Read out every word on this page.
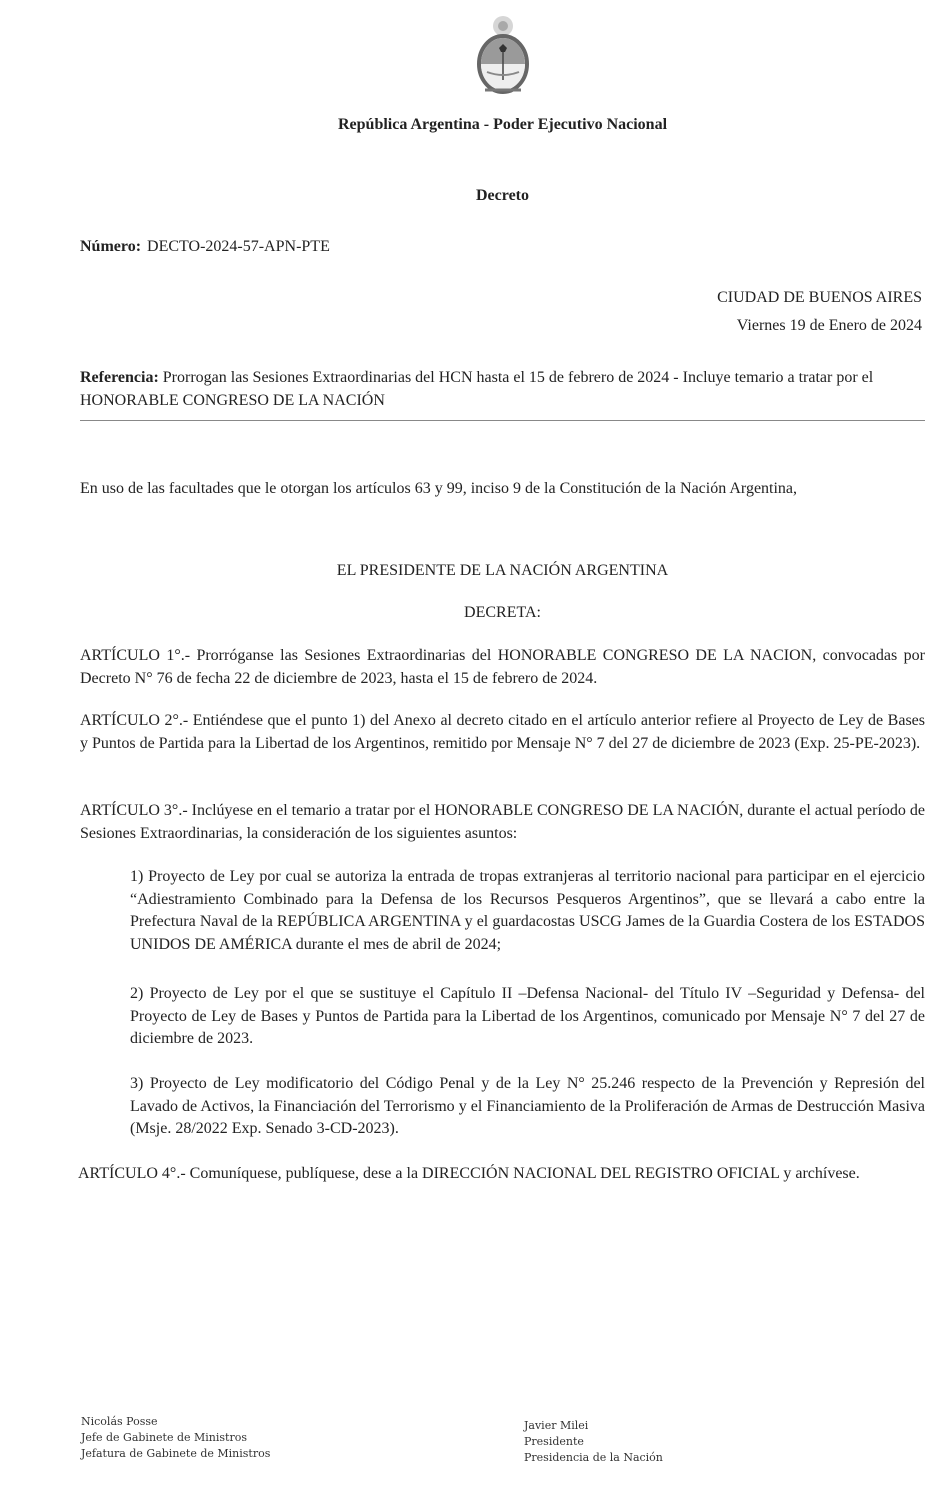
República Argentina - Poder Ejecutivo Nacional
Decreto
Número: DECTO-2024-57-APN-PTE
CIUDAD DE BUENOS AIRES
Viernes 19 de Enero de 2024
Referencia: Prorrogan las Sesiones Extraordinarias del HCN hasta el 15 de febrero de 2024 - Incluye temario a tratar por el HONORABLE CONGRESO DE LA NACIÓN
En uso de las facultades que le otorgan los artículos 63 y 99, inciso 9 de la Constitución de la Nación Argentina,
EL PRESIDENTE DE LA NACIÓN ARGENTINA
DECRETA:
ARTÍCULO 1°.- Prorróganse las Sesiones Extraordinarias del HONORABLE CONGRESO DE LA NACION, convocadas por Decreto N° 76 de fecha 22 de diciembre de 2023, hasta el 15 de febrero de 2024.
ARTÍCULO 2°.- Entiéndese que el punto 1) del Anexo al decreto citado en el artículo anterior refiere al Proyecto de Ley de Bases y Puntos de Partida para la Libertad de los Argentinos, remitido por Mensaje N° 7 del 27 de diciembre de 2023 (Exp. 25-PE-2023).
ARTÍCULO 3°.- Inclúyese en el temario a tratar por el HONORABLE CONGRESO DE LA NACIÓN, durante el actual período de Sesiones Extraordinarias, la consideración de los siguientes asuntos:
1) Proyecto de Ley por cual se autoriza la entrada de tropas extranjeras al territorio nacional para participar en el ejercicio “Adiestramiento Combinado para la Defensa de los Recursos Pesqueros Argentinos”, que se llevará a cabo entre la Prefectura Naval de la REPÚBLICA ARGENTINA y el guardacostas USCG James de la Guardia Costera de los ESTADOS UNIDOS DE AMÉRICA durante el mes de abril de 2024;
2) Proyecto de Ley por el que se sustituye el Capítulo II –Defensa Nacional- del Título IV –Seguridad y Defensa- del Proyecto de Ley de Bases y Puntos de Partida para la Libertad de los Argentinos, comunicado por Mensaje N° 7 del 27 de diciembre de 2023.
3) Proyecto de Ley modificatorio del Código Penal y de la Ley N° 25.246 respecto de la Prevención y Represión del Lavado de Activos, la Financiación del Terrorismo y el Financiamiento de la Proliferación de Armas de Destrucción Masiva (Msje. 28/2022 Exp. Senado 3-CD-2023).
ARTÍCULO 4°.- Comuníquese, publíquese, dese a la DIRECCIÓN NACIONAL DEL REGISTRO OFICIAL y archívese.
Nicolás Posse
Jefe de Gabinete de Ministros
Jefatura de Gabinete de Ministros
Javier Milei
Presidente
Presidencia de la Nación
